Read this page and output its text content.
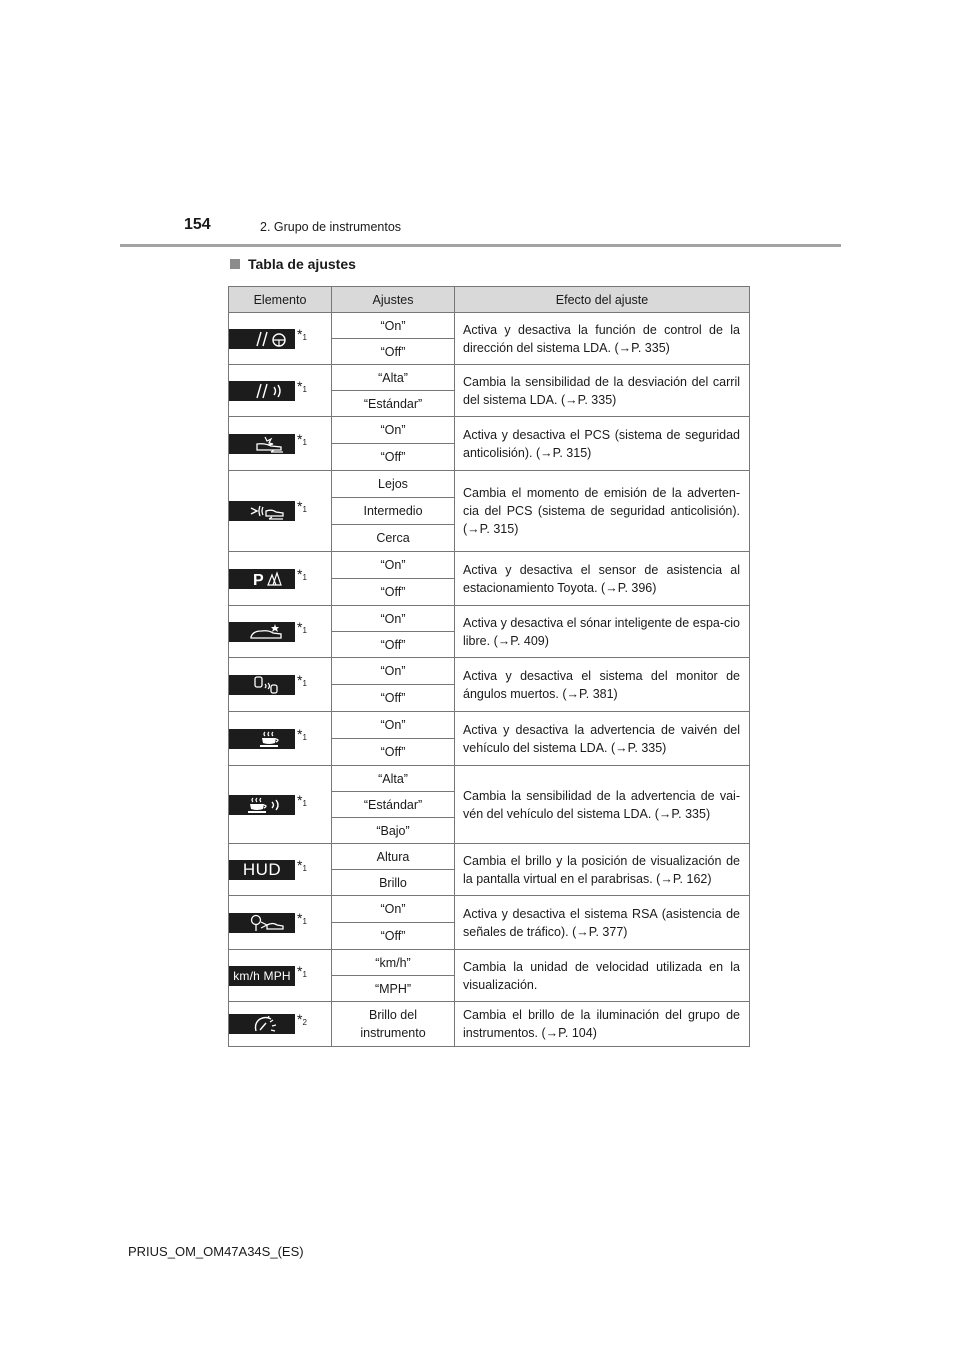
154	2. Grupo de instrumentos
Tabla de ajustes
Elemento	Ajustes	Efecto del ajuste

$*_1$	“On”	Activa y desactiva la función de control de la dirección del sistema LDA. (→P. 335)
	“Off”	

$*_1$	“Alta”	Cambia la sensibilidad de la desviación del carril del sistema LDA. (→P. 335)
	“Estándar”	

$*_1$	“On”	Activa y desactiva el PCS (sistema de seguridad anticolisión). (→P. 315)
	“Off”	

$*_1$	Lejos	Cambia el momento de emisión de la adverten-cia del PCS (sistema de seguridad anticolisión). (→P. 315)
	Intermedio	
	Cerca	

P $*_1$	“On”	Activa y desactiva el sensor de asistencia al estacionamiento Toyota. (→P. 396)
	“Off”	

$*_1$	“On”	Activa y desactiva el sónar inteligente de espa-cio libre. (→P. 409)
	“Off”	

$*_1$	“On”	Activa y desactiva el sistema del monitor de ángulos muertos. (→P. 381)
	“Off”	

$*_1$	“On”	Activa y desactiva la advertencia de vaivén del vehículo del sistema LDA. (→P. 335)
	“Off”	

$*_1$	“Alta”	Cambia la sensibilidad de la advertencia de vai-vén del vehículo del sistema LDA. (→P. 335)
	“Estándar”	
	“Bajo”	

HUD $*_1$	Altura	Cambia el brillo y la posición de visualización de la pantalla virtual en el parabrisas. (→P. 162)
	Brillo	

$*_1$	“On”	Activa y desactiva el sistema RSA (asistencia de señales de tráfico). (→P. 377)
	“Off”	

km/h MPH $*_1$	“km/h”	Cambia la unidad de velocidad utilizada en la visualización.
	“MPH”	

$*_2$	Brillo del instrumento	Cambia el brillo de la iluminación del grupo de instrumentos. (→P. 104)
PRIUS_OM_OM47A34S_(ES)
